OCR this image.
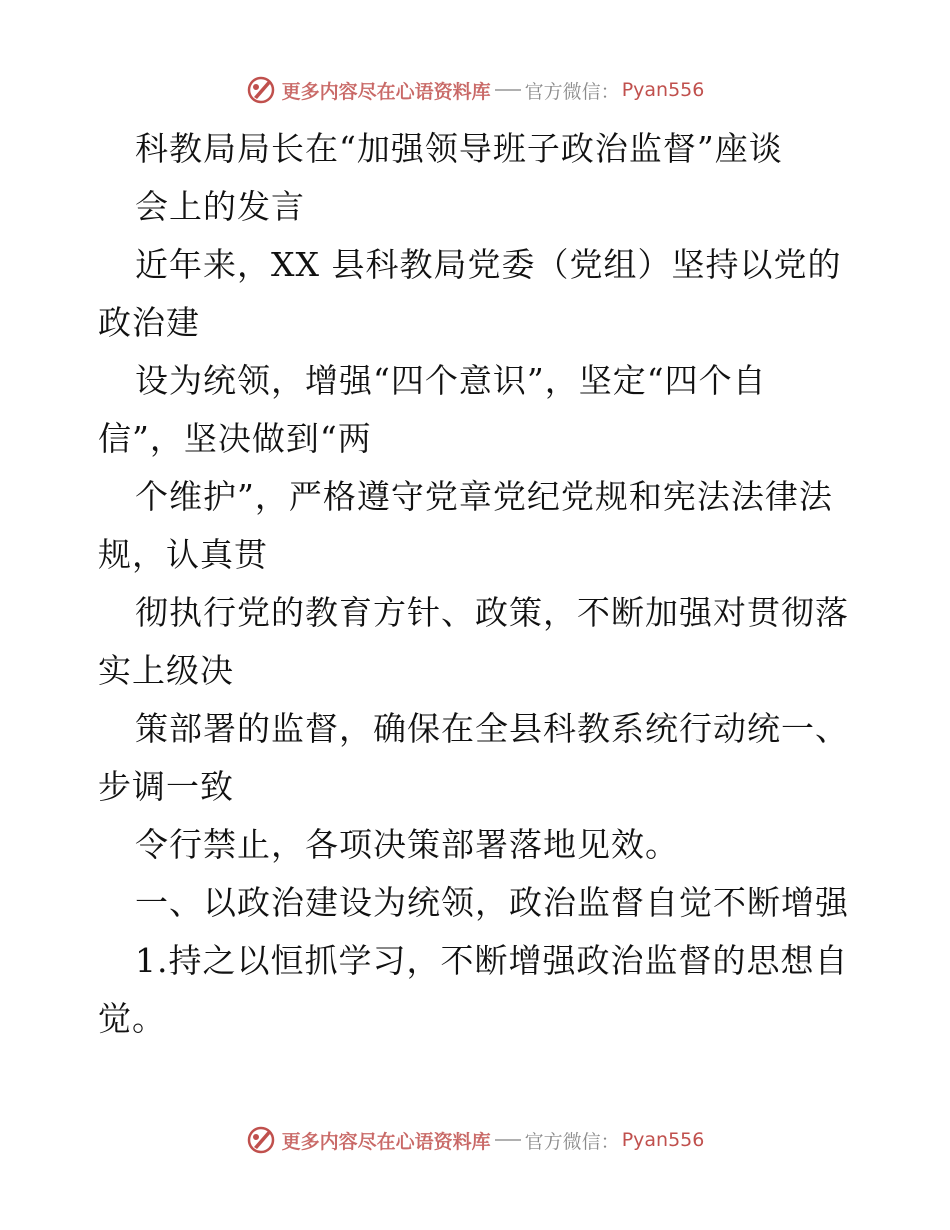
更多内容尽在心语资料库 官方微信： Pyan556
科教局局长在“加强领导班子政治监督”座谈
会上的发言
近年来，XX 县科教局党委（党组）坚持以党的
政治建
设为统领，增强“四个意识”，坚定“四个自
信”，坚决做到“两
个维护”，严格遵守党章党纪党规和宪法法律法
规，认真贯
彻执行党的教育方针、政策，不断加强对贯彻落
实上级决
策部署的监督，确保在全县科教系统行动统一、
步调一致
令行禁止，各项决策部署落地见效。
一、以政治建设为统领，政治监督自觉不断增强
1.持之以恒抓学习，不断增强政治监督的思想自
觉。
更多内容尽在心语资料库 官方微信： Pyan556
